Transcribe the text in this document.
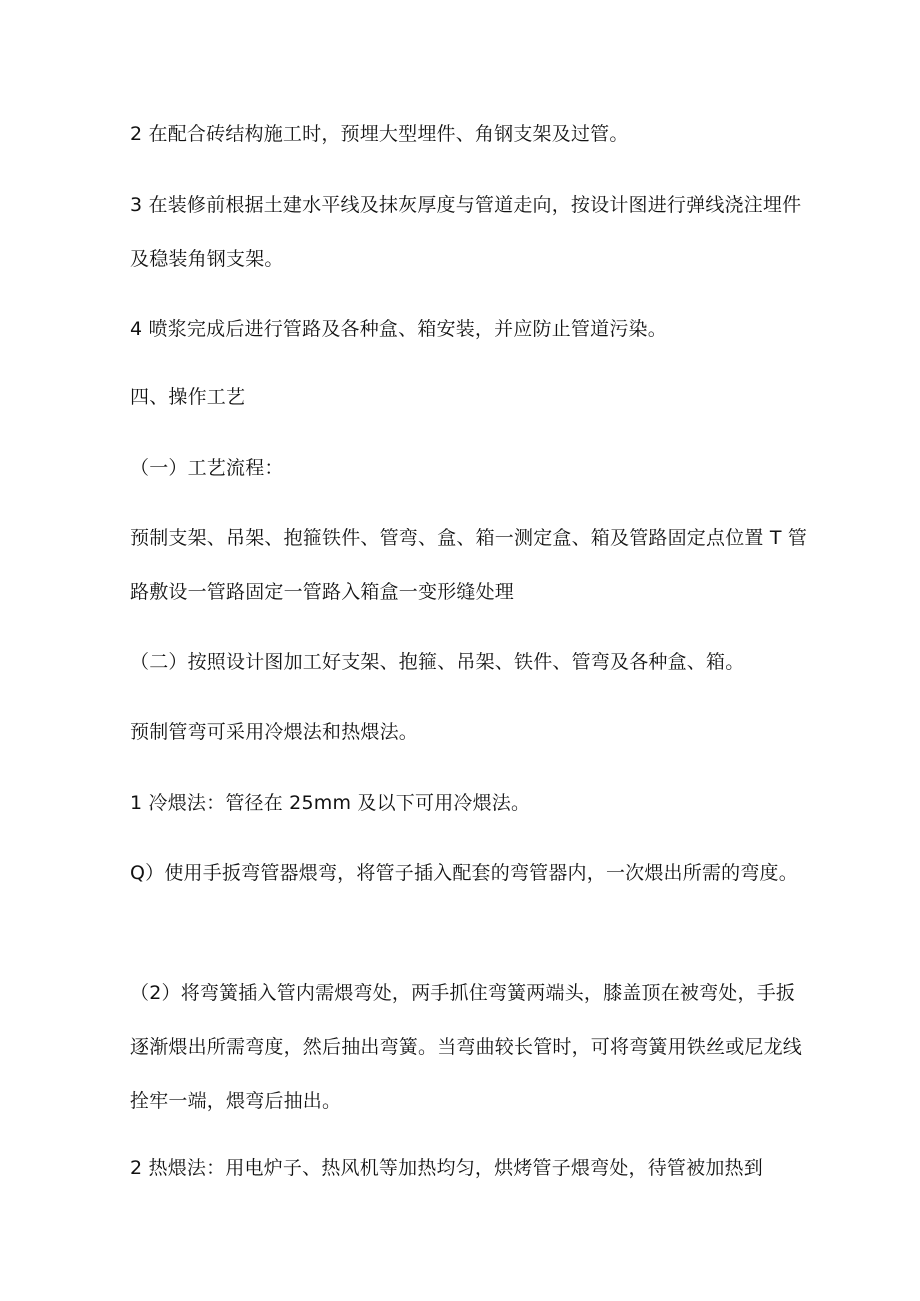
2 在配合砖结构施工时，预埋大型埋件、角钢支架及过管。

3 在装修前根据土建水平线及抹灰厚度与管道走向，按设计图进行弹线浇注埋件及稳装角钢支架。

4 喷浆完成后进行管路及各种盒、箱安装，并应防止管道污染。

四、操作工艺

（一）工艺流程：

预制支架、吊架、抱箍铁件、管弯、盒、箱一测定盒、箱及管路固定点位置 T 管路敷设一管路固定一管路入箱盒一变形缝处理

（二）按照设计图加工好支架、抱箍、吊架、铁件、管弯及各种盒、箱。

预制管弯可采用冷煨法和热煨法。

1 冷煨法：管径在 25mm 及以下可用冷煨法。

Q）使用手扳弯管器煨弯，将管子插入配套的弯管器内，一次煨出所需的弯度。

（2）将弯簧插入管内需煨弯处，两手抓住弯簧两端头，膝盖顶在被弯处，手扳逐渐煨出所需弯度，然后抽出弯簧。当弯曲较长管时，可将弯簧用铁丝或尼龙线拴牢一端，煨弯后抽出。

2 热煨法：用电炉子、热风机等加热均匀，烘烤管子煨弯处，待管被加热到
